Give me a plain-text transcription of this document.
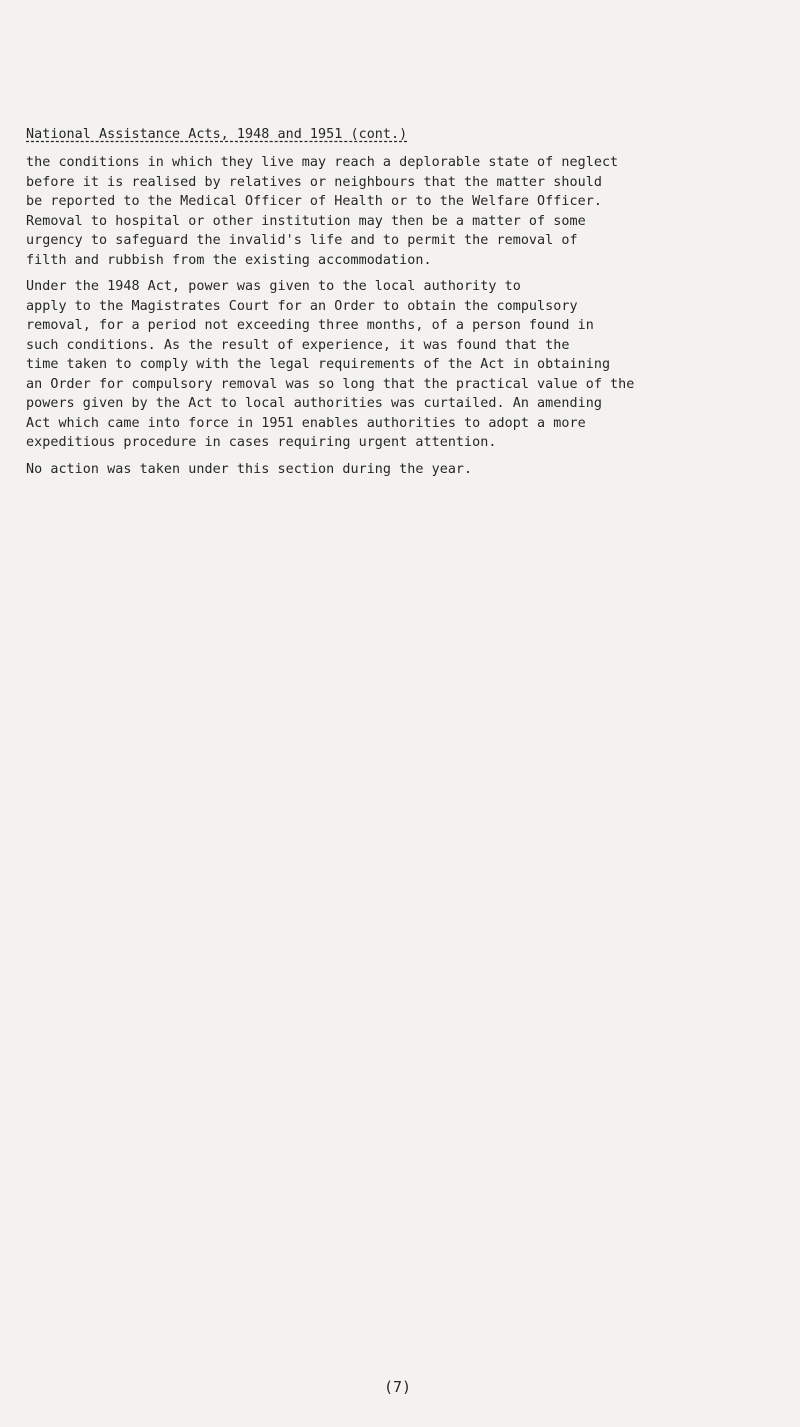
National Assistance Acts, 1948 and 1951 (cont.)
the conditions in which they live may reach a deplorable state of neglect
before it is realised by relatives or neighbours that the matter should
be reported to the Medical Officer of Health or to the Welfare Officer.
Removal to hospital or other institution may then be a matter of some
urgency to safeguard the invalid's life and to permit the removal of
filth and rubbish from the existing accommodation.
Under the 1948 Act, power was given to the local authority to
apply to the Magistrates Court for an Order to obtain the compulsory
removal, for a period not exceeding three months, of a person found in
such conditions. As the result of experience, it was found that the
time taken to comply with the legal requirements of the Act in obtaining
an Order for compulsory removal was so long that the practical value of the
powers given by the Act to local authorities was curtailed. An amending
Act which came into force in 1951 enables authorities to adopt a more
expeditious procedure in cases requiring urgent attention.
No action was taken under this section during the year.
(7)
